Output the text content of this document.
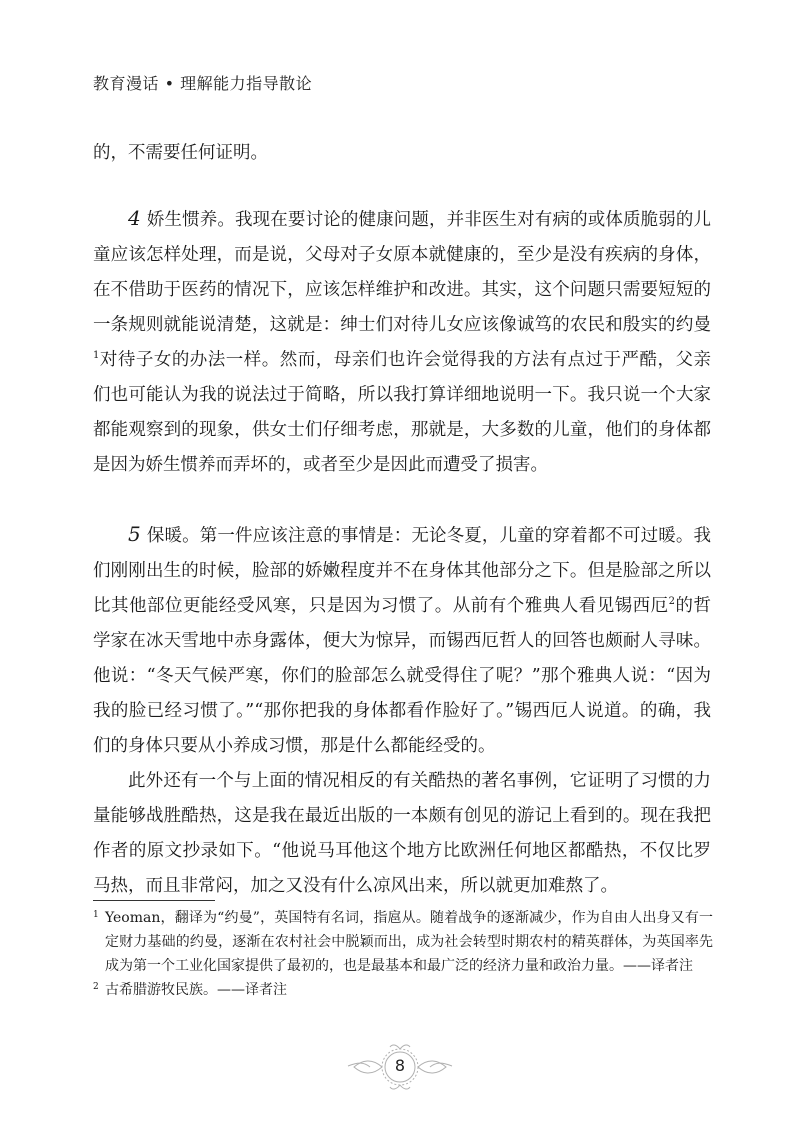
教育漫话 • 理解能力指导散论

的，不需要任何证明。

4 娇生惯养。我现在要讨论的健康问题，并非医生对有病的或体质脆弱的儿童应该怎样处理，而是说，父母对子女原本就健康的，至少是没有疾病的身体，在不借助于医药的情况下，应该怎样维护和改进。其实，这个问题只需要短短的一条规则就能说清楚，这就是：绅士们对待儿女应该像诚笃的农民和殷实的约曼$^1$对待子女的办法一样。然而，母亲们也许会觉得我的方法有点过于严酷，父亲们也可能认为我的说法过于简略，所以我打算详细地说明一下。我只说一个大家都能观察到的现象，供女士们仔细考虑，那就是，大多数的儿童，他们的身体都是因为娇生惯养而弄坏的，或者至少是因此而遭受了损害。

5 保暖。第一件应该注意的事情是：无论冬夏，儿童的穿着都不可过暖。我们刚刚出生的时候，脸部的娇嫩程度并不在身体其他部分之下。但是脸部之所以比其他部位更能经受风寒，只是因为习惯了。从前有个雅典人看见锡西厄$^2$的哲学家在冰天雪地中赤身露体，便大为惊异，而锡西厄哲人的回答也颇耐人寻味。他说：“冬天气候严寒，你们的脸部怎么就受得住了呢？”那个雅典人说：“因为我的脸已经习惯了。”“那你把我的身体都看作脸好了。”锡西厄人说道。的确，我们的身体只要从小养成习惯，那是什么都能经受的。

此外还有一个与上面的情况相反的有关酷热的著名事例，它证明了习惯的力量能够战胜酷热，这是我在最近出版的一本颇有创见的游记上看到的。现在我把作者的原文抄录如下。“他说马耳他这个地方比欧洲任何地区都酷热，不仅比罗马热，而且非常闷，加之又没有什么凉风出来，所以就更加难熬了。

1 Yeoman，翻译为“约曼”，英国特有名词，指扈从。随着战争的逐渐减少，作为自由人出身又有一定财力基础的约曼，逐渐在农村社会中脱颖而出，成为社会转型时期农村的精英群体，为英国率先成为第一个工业化国家提供了最初的，也是最基本和最广泛的经济力量和政治力量。——译者注
2 古希腊游牧民族。——译者注
8
